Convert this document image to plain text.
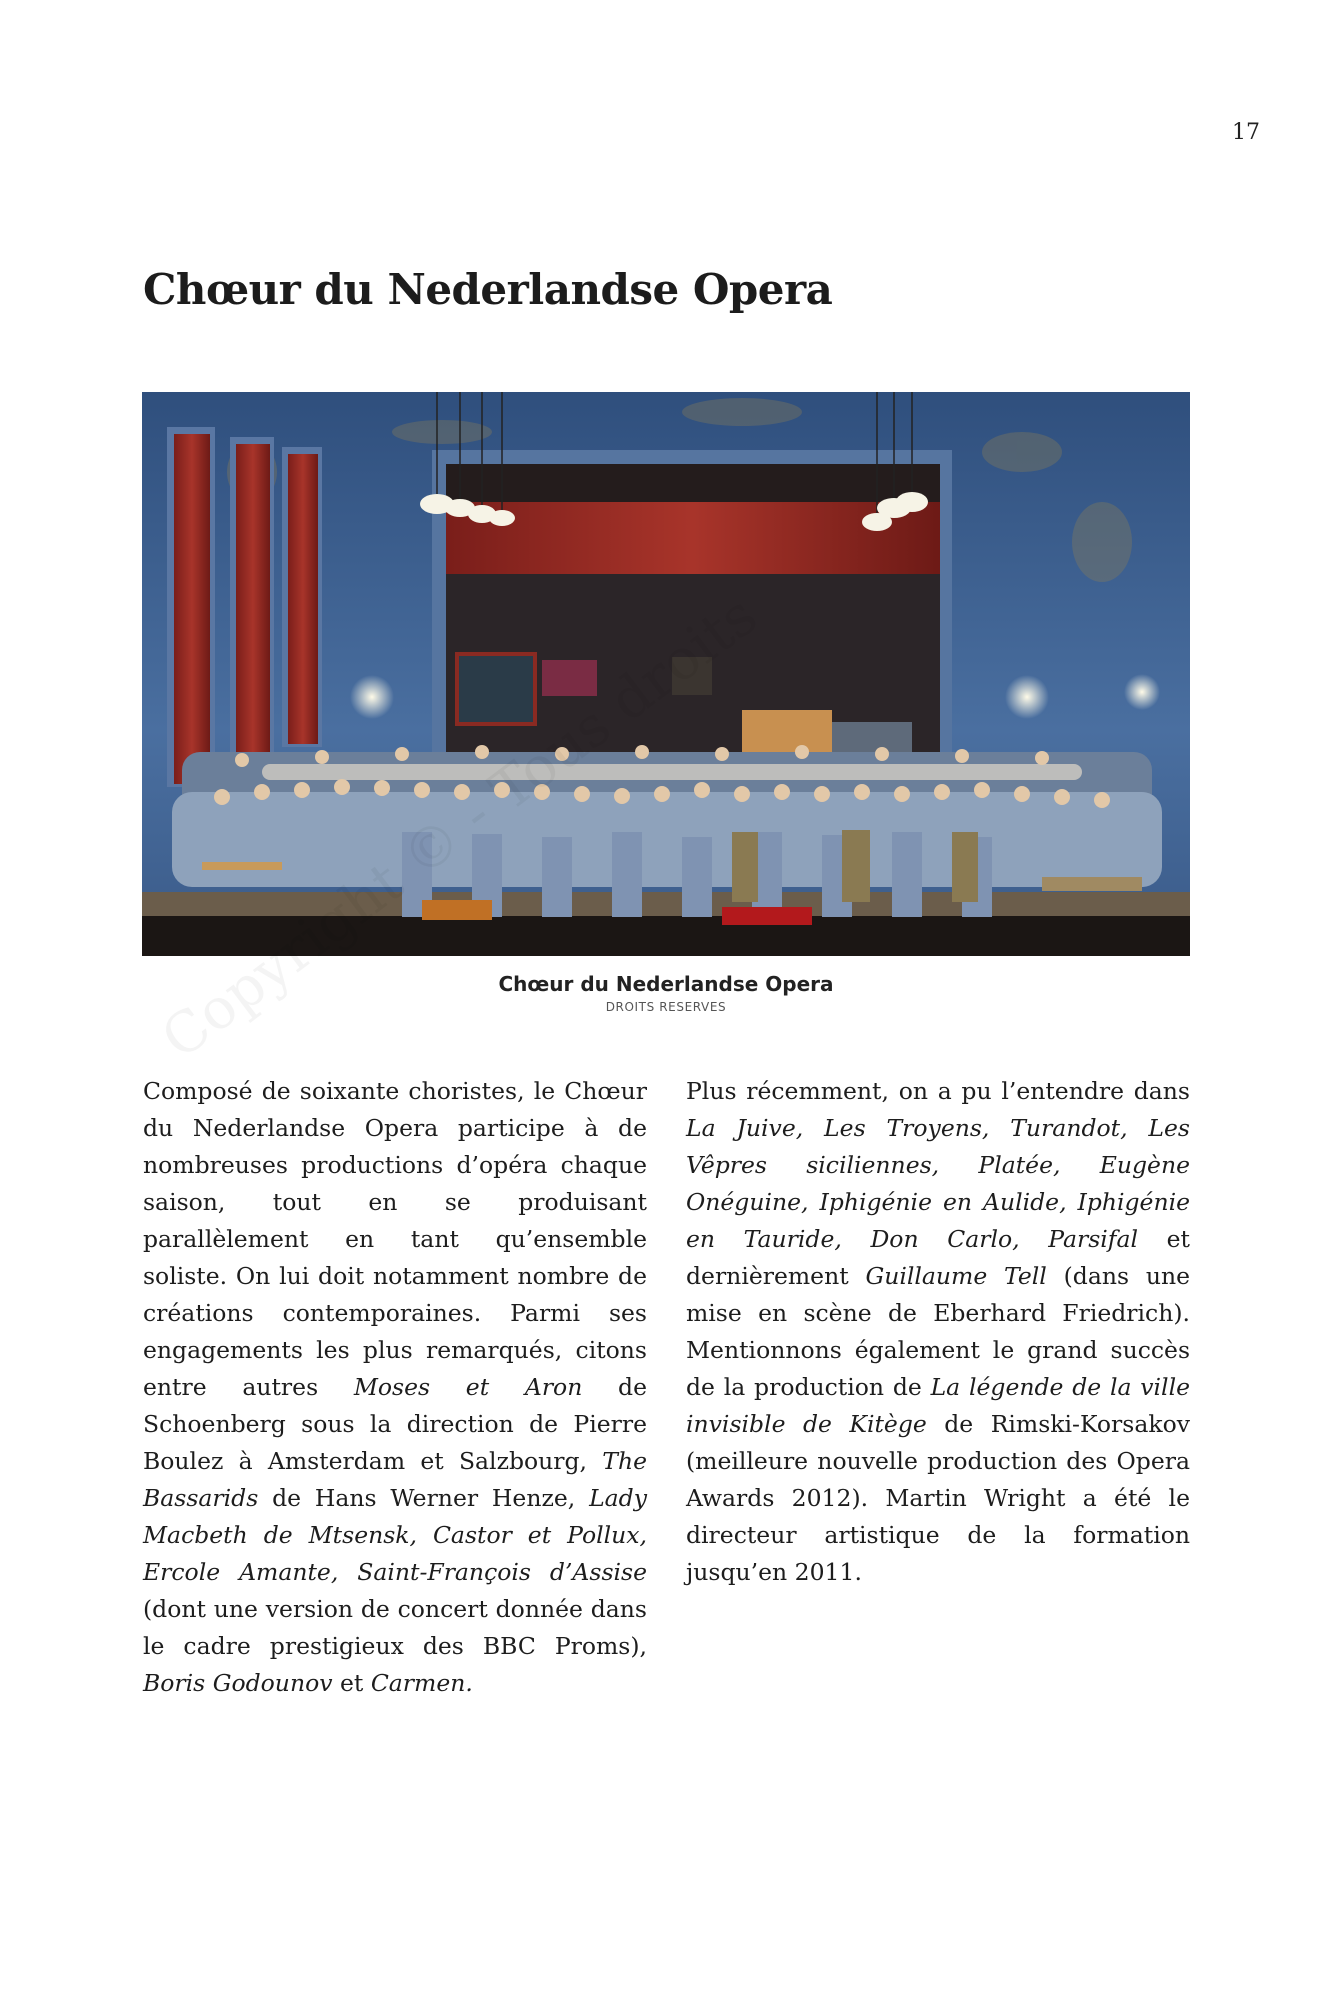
17
Chœur du Nederlandse Opera
Chœur du Nederlandse Opera
DROITS RESERVES
Composé de soixante choristes, le Chœur du Nederlandse Opera participe à de nombreuses productions d’opéra chaque saison, tout en se produisant parallèlement en tant qu’ensemble soliste. On lui doit notamment nombre de créations contemporaines. Parmi ses engagements les plus remarqués, citons entre autres Moses et Aron de Schoenberg sous la direction de Pierre Boulez à Amsterdam et Salzbourg, The Bassarids de Hans Werner Henze, Lady Macbeth de Mtsensk, Castor et Pollux, Ercole Amante, Saint-François d’Assise (dont une version de concert donnée dans le cadre prestigieux des BBC Proms), Boris Godounov et Carmen.
Plus récemment, on a pu l’entendre dans La Juive, Les Troyens, Turandot, Les Vêpres siciliennes, Platée, Eugène Onéguine, Iphigénie en Aulide, Iphigénie en Tauride, Don Carlo, Parsifal et dernièrement Guillaume Tell (dans une mise en scène de Eberhard Friedrich). Mentionnons également le grand succès de la production de La légende de la ville invisible de Kitège de Rimski-Korsakov (meilleure nouvelle production des Opera Awards 2012). Martin Wright a été le directeur artistique de la formation jusqu’en 2011.
